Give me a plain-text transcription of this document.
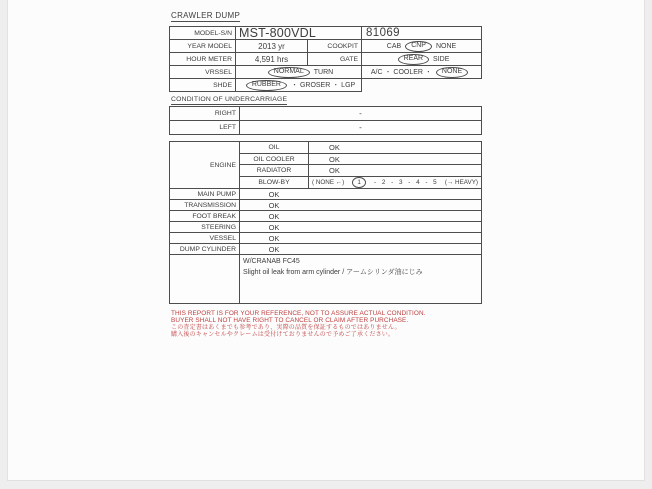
CRAWLER DUMP
MODEL-S/N MST-800VDL	81069
YEAR MODEL	2013 yr	COOKPIT	CAB CNP NONE
HOUR METER	4,591 hrs	GATE	REAR SIDE
VRSSEL	NORMAL TURN	A/C ・ COOLER ・ NONE
SHDE	RUBBER ・ GROSER ・ LGP
CONDITION OF UNDERCARRIAGE
RIGHT	-
LEFT	-
ENGINE
OIL	OK
OIL COOLER	OK
RADIATOR	OK
BLOW-BY	( NONE ←) 1 - 2 - 3 - 4 - 5 (→ HEAVY)
MAIN PUMP	OK
TRANSMISSION	OK
FOOT BREAK	OK
STEERING	OK
VESSEL	OK
DUMP CYLINDER	OK
W/CRANAB FC45
Slight oil leak from arm cylinder / アームシリンダ油にじみ
THIS REPORT IS FOR YOUR REFERENCE, NOT TO ASSURE ACTUAL CONDITION.
BUYER SHALL NOT HAVE RIGHT TO CANCEL OR CLAIM AFTER PURCHASE.
この査定書はあくまでも参考であり、実際の品質を保証するものではありません。
購入後のキャンセルやクレームは受付けておりませんので予めご了承ください。
